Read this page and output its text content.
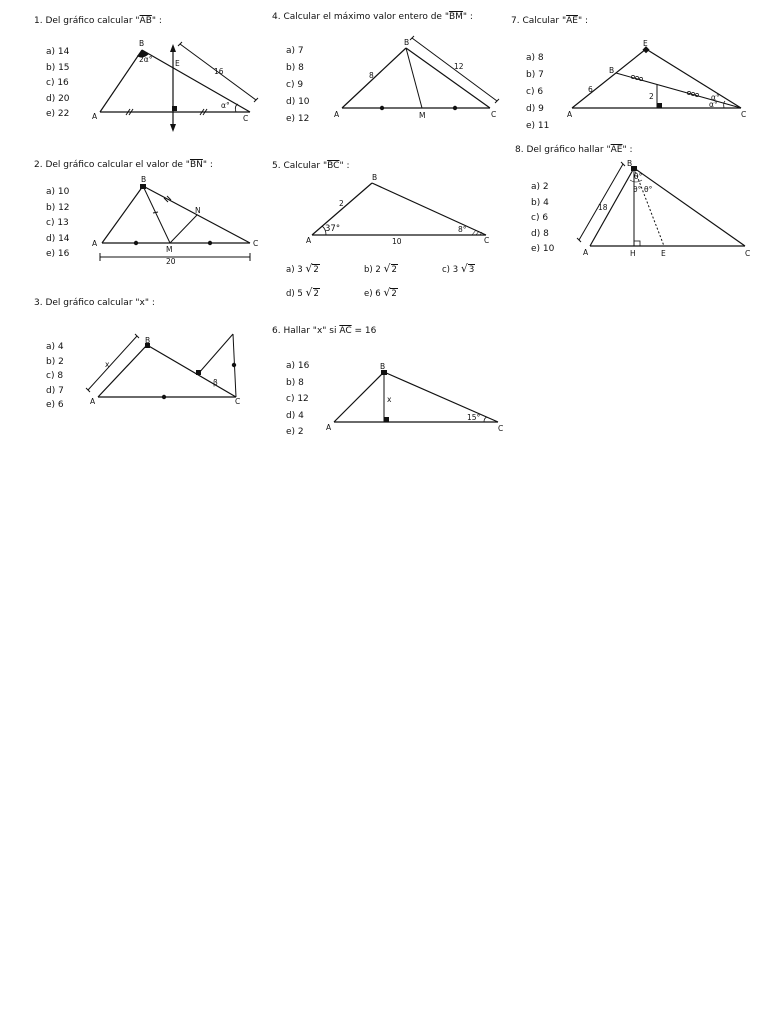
1. Del gráfico calcular "$\overline{AB}$" :
a) 14
b) 15
c) 16
d) 20
e) 22	A
B
C
E
16
2α°
α°
2. Del gráfico calcular el valor de "$\overline{BN}$" :
a) 10
b) 12
c) 13
d) 14
e) 16
A
B
C
M
N
20
3. Del gráfico calcular "x" :
a) 4
b) 2
c) 8
d) 7
e) 6	A
B
C
x
β
4. Calcular el máximo valor entero de "$\overline{BM}$" :
a) 7
b) 8
c) 9
d) 10
e) 12	A
B
C
M
8
12
5. Calcular "$\overline{BC}$" :
A
B
C
2
10
37°	8°
a) 3 √2	b) 2 √2	c) 3 √3
d) 5 √2	e) 6 √2
6. Hallar "x" si $\overline{AC} = 16$
a) 16
b) 8
c) 12
d) 4
e) 2	A
B
C
x
15°
7. Calcular "$\overline{AE}$" :
a) 8
b) 7
c) 6
d) 9
e) 11
A
B
C
E
6
2	α°
α°
8. Del gráfico hallar "$\overline{AE}$" :
a) 2
b) 4
c) 6
d) 8
e) 10	A
B
C
H	E
18
θ°
θ° θ°
